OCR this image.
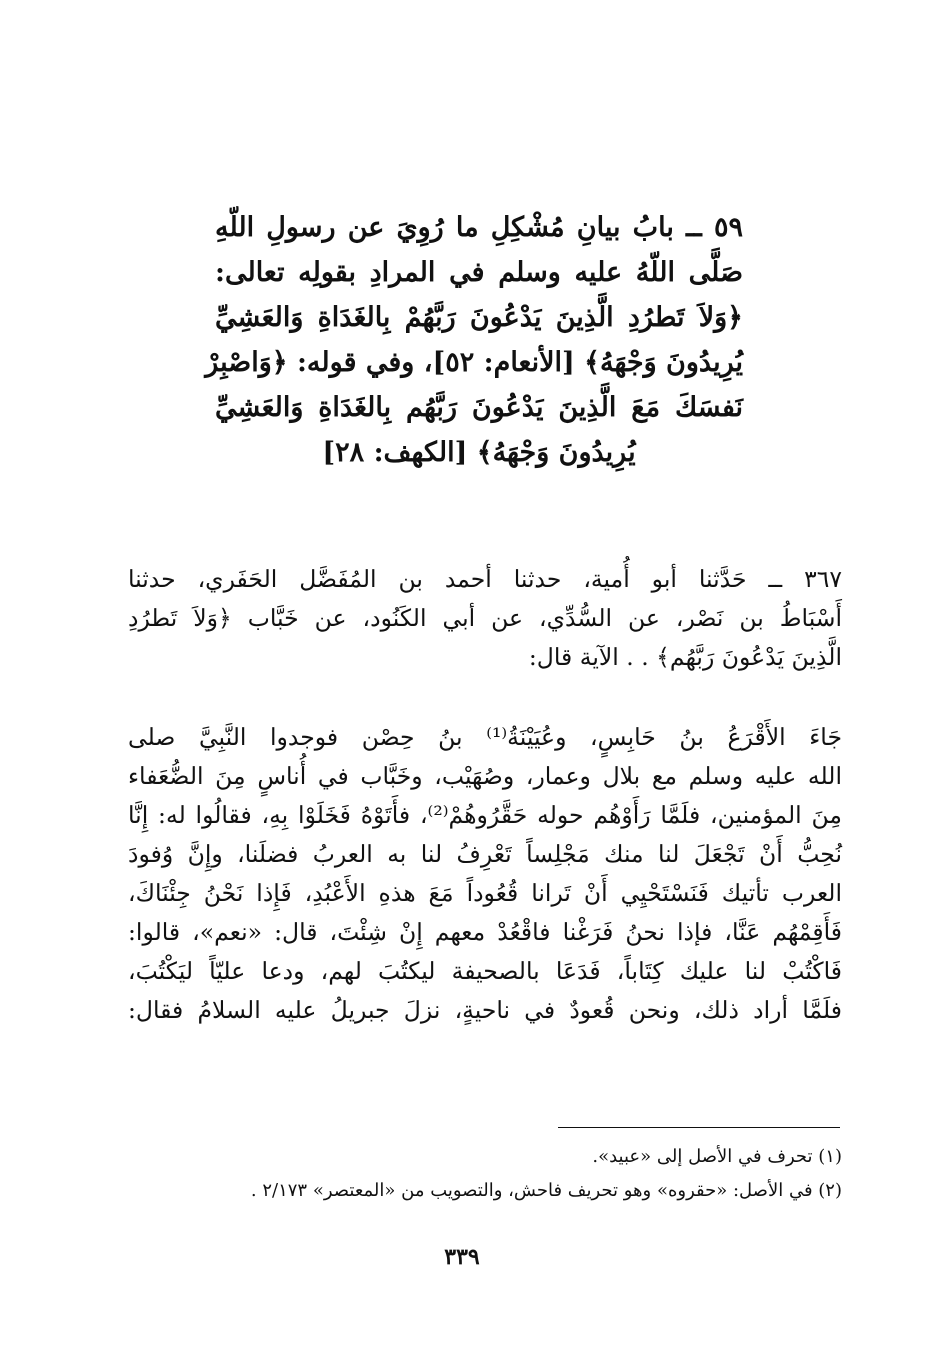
٥٩ ــ بابُ بيانِ مُشْكِلِ ما رُوِيَ عن رسولِ اللّهِ
صَلَّى اللّهُ عليه وسلم في المرادِ بقولِه تعالى:
﴿وَلاَ تَطرُدِ الَّذِينَ يَدْعُونَ رَبَّهُمْ بِالغَدَاةِ وَالعَشِيِّ
يُرِيدُونَ وَجْهَهُ﴾ [الأنعام: ٥٢]، وفي قوله: ﴿وَاصْبِرْ
نَفسَكَ مَعَ الَّذِينَ يَدْعُونَ رَبَّهُم بِالغَدَاةِ وَالعَشِيِّ
يُرِيدُونَ وَجْهَهُ﴾ [الكهف: ٢٨]
٣٦٧ ــ حَدَّثنا أبو أُمية، حدثنا أحمد بن المُفَضَّل الحَفَري، حدثنا
أَسْبَاطُ بن نَصْر، عن السُّدِّي، عن أبي الكَنُود، عن خَبَّاب ﴿وَلاَ تَطرُدِ
الَّذِينَ يَدْعُونَ رَبَّهُم﴾ . . الآية قال:
جَاءَ الأَقْرَعُ بنُ حَابِسٍ، وعُيَيْنَةُ⁽¹⁾ بنُ حِصْن فوجدوا النَّبِيَّ صلى
الله عليه وسلم مع بلال وعمار، وصُهَيْب، وخَبَّاب في أُناسٍ مِنَ الضُّعَفاء
مِنَ المؤمنين، فلَمَّا رَأَوْهُم حوله حَقَّرُوهُمْ⁽²⁾، فأَتَوْهُ فَخَلَوْا بِهِ، فقالُوا له: إِنَّا
نُحِبُّ أَنْ تَجْعَلَ لنا منك مَجْلِساً تَعْرِفُ لنا به العربُ فضلَنا، وإِنَّ وُفودَ
العرب تأتيك فَنَسْتَحْيِي أَنْ تَرانا قُعُوداً مَعَ هذهِ الأَعْبُدِ، فَإِذا نَحْنُ جِئْنَاكَ،
فَأَقِمْهُم عَنَّا، فإذا نحنُ فَرَغْنا فاقْعُدْ معهم إِنْ شِئْتَ، قال: «نعم»، قالوا:
فَاكْتُبْ لنا عليك كِتَاباً، فَدَعَا بالصحيفة ليكتُبَ لهم، ودعا عليّاً ليَكْتُبَ،
فلَمَّا أراد ذلك، ونحن قُعودٌ في ناحيةٍ، نزلَ جبريلُ عليه السلامُ فقال:
(١) تحرف في الأصل إلى «عبيد».
(٢) في الأصل: «حقروه» وهو تحريف فاحش، والتصويب من «المعتصر» ٢/١٧٣ .
٣٣٩
